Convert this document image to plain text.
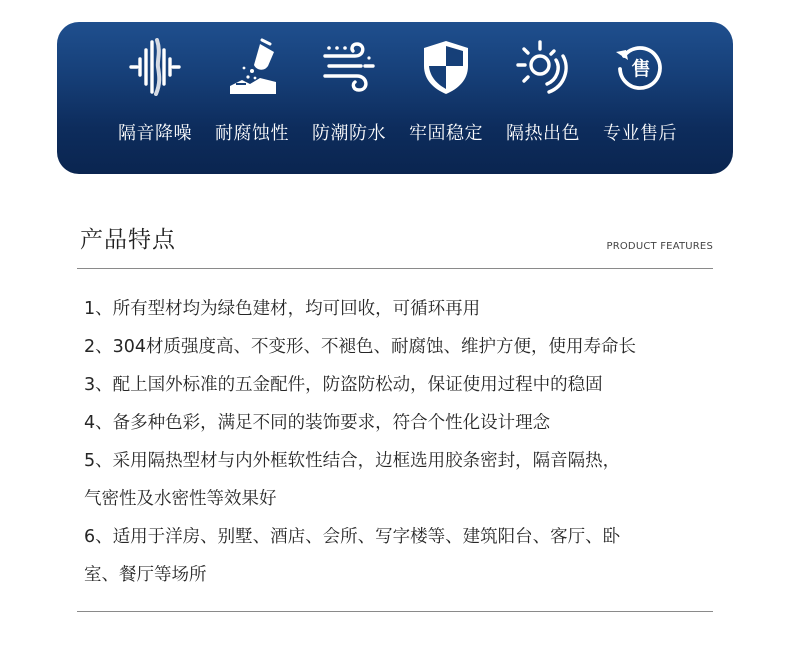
隔音降噪	耐腐蚀性	防潮防水	牢固稳定	隔热出色
售
专业售后
产品特点	PRODUCT FEATURES
1、所有型材均为绿色建材，均可回收，可循环再用
2、304材质强度高、不变形、不褪色、耐腐蚀、维护方便，使用寿命长
3、配上国外标准的五金配件，防盗防松动，保证使用过程中的稳固
4、备多种色彩，满足不同的装饰要求，符合个性化设计理念
5、采用隔热型材与内外框软性结合，边框选用胶条密封，隔音隔热，
气密性及水密性等效果好
6、适用于洋房、别墅、酒店、会所、写字楼等、建筑阳台、客厅、卧
室、餐厅等场所
